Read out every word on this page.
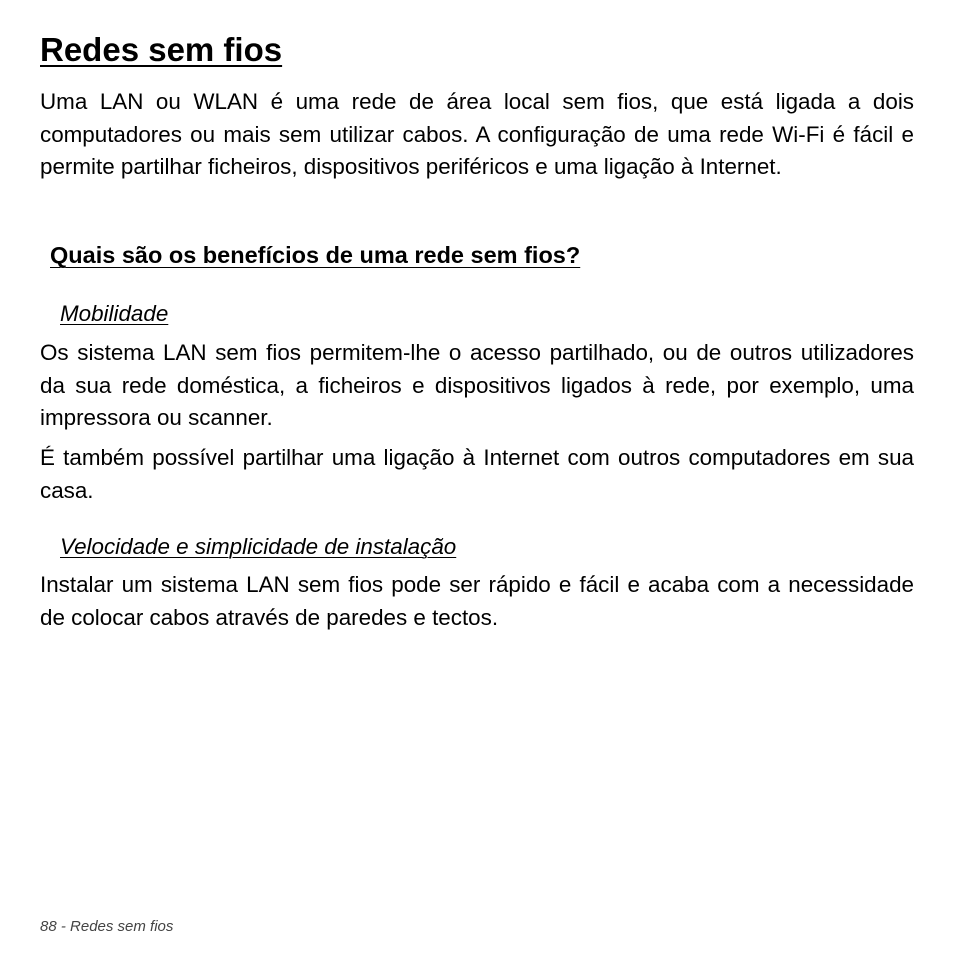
Redes sem fios

Uma LAN ou WLAN é uma rede de área local sem fios, que está ligada a dois computadores ou mais sem utilizar cabos. A configuração de uma rede Wi-Fi é fácil e permite partilhar ficheiros, dispositivos periféricos e uma ligação à Internet.

Quais são os benefícios de uma rede sem fios?
Mobilidade

Os sistema LAN sem fios permitem-lhe o acesso partilhado, ou de outros utilizadores da sua rede doméstica, a ficheiros e dispositivos ligados à rede, por exemplo, uma impressora ou scanner.

É também possível partilhar uma ligação à Internet com outros computadores em sua casa.

Velocidade e simplicidade de instalação

Instalar um sistema LAN sem fios pode ser rápido e fácil e acaba com a necessidade de colocar cabos através de paredes e tectos.

88 - Redes sem fios
